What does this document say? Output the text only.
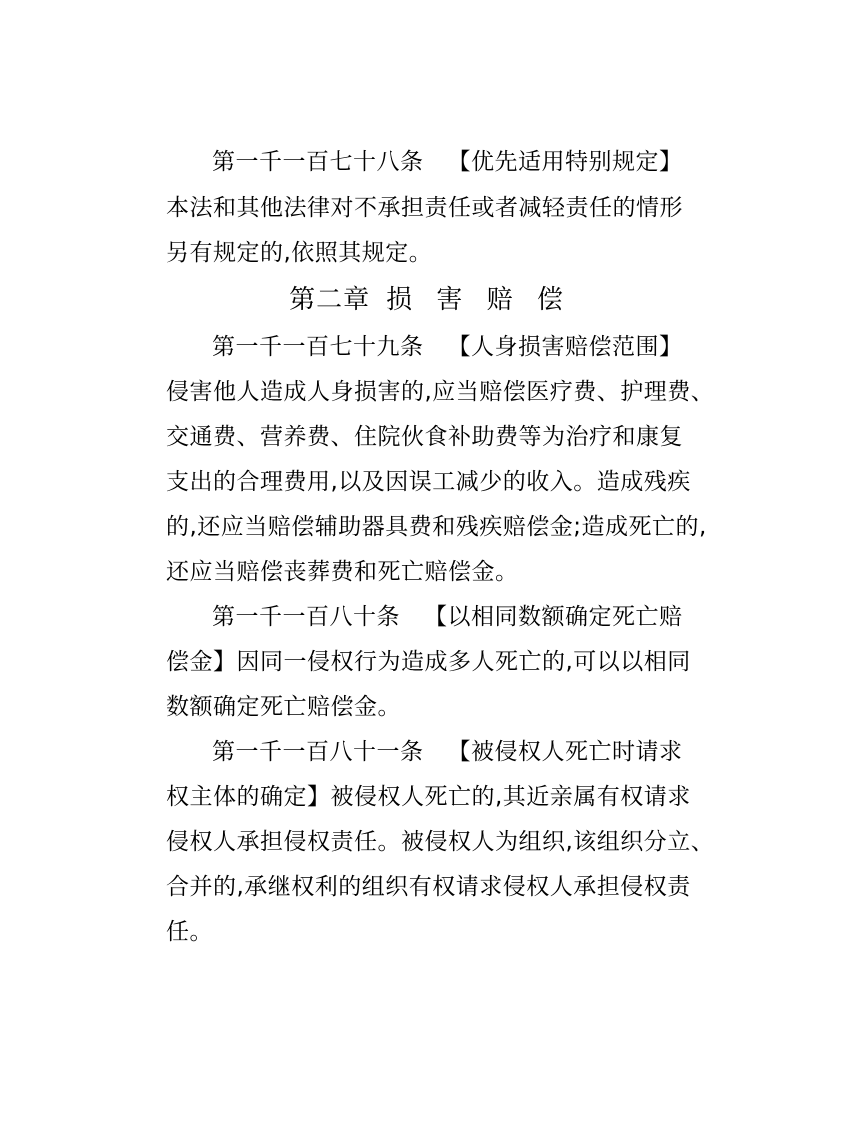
第一千一百七十八条 【优先适用特别规定】
本法和其他法律对不承担责任或者减轻责任的情形
另有规定的,依照其规定。
第二章 损 害 赔 偿
第一千一百七十九条 【人身损害赔偿范围】
侵害他人造成人身损害的,应当赔偿医疗费、护理费、
交通费、营养费、住院伙食补助费等为治疗和康复
支出的合理费用,以及因误工减少的收入。造成残疾
的,还应当赔偿辅助器具费和残疾赔偿金;造成死亡的,
还应当赔偿丧葬费和死亡赔偿金。
第一千一百八十条 【以相同数额确定死亡赔
偿金】因同一侵权行为造成多人死亡的,可以以相同
数额确定死亡赔偿金。
第一千一百八十一条 【被侵权人死亡时请求
权主体的确定】被侵权人死亡的,其近亲属有权请求
侵权人承担侵权责任。被侵权人为组织,该组织分立、
合并的,承继权利的组织有权请求侵权人承担侵权责
任。
